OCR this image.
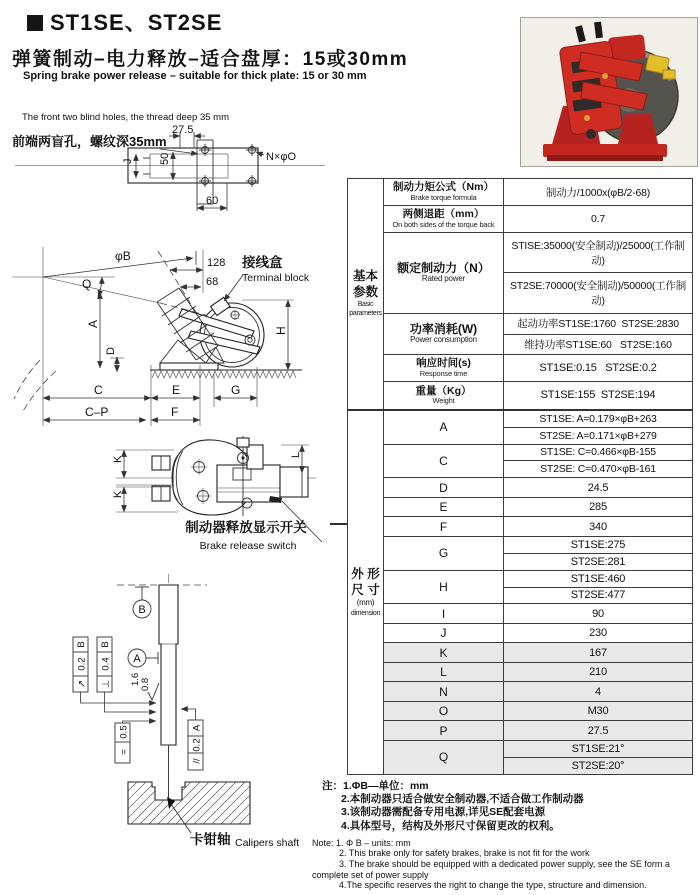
ST1SE、ST2SE
弹簧制动–电力释放–适合盘厚：15或30mm
Spring brake power release – suitable for thick plate: 15 or 30 mm
The front two blind holes, the thread deep 35 mm
前端两盲孔，螺纹深35mm
27.5
N×φO
J 50
60
φB
Q
128
68
接线盒
Terminal block
A
D
H
C	E	G
C–P	F
K
K
L
制动器释放显示开关
Brake release switch
B
A
B
0.2
↗
B
0.4
⊥ 1.6 0.8
0.5
=
A
0.2
//
卡钳轴 Calipers shaft
基本
参数
Basic
parameters

制动力矩公式（Nm）
Brake torque formula	制动力/1000x(φB/2-68)

	两侧退距（mm）
On both sides of the torque back	0.7

	额定制动力（N）
Rated power	STISE:35000(安全制动)/25000(工作制动)
		ST2SE:70000(安全制动)/50000(工作制动)

	功率消耗(W)
Power consumption	起动功率ST1SE:1760  ST2SE:2830
		维持功率ST1SE:60   ST2SE:160

	响应时间(s)
Response time	ST1SE:0.15   ST2SE:0.2

	重量（Kg）
Weight	ST1SE:155  ST2SE:194

外 形
尺 寸
(mm)
dimension	A	ST1SE: A=0.179×φB+263
		ST2SE: A=0.171×φB+279
	C	ST1SE: C=0.466×φB-155
		ST2SE: C=0.470×φB-161
	D	24.5
	E	285
	F	340
	G	ST1SE:275
		ST2SE:281
	H	ST1SE:460
		ST2SE:477
	I	90
	J	230
	K	167
	L	210
	N	4
	O	M30
	P	27.5
	Q	ST1SE:21°
		ST2SE:20°
注：1.ΦB—单位：mm
2.本制动器只适合做安全制动器,不适合做工作制动器
3.该制动器需配备专用电源,详见SE配套电源
4.具体型号，结构及外形尺寸保留更改的权利。
Note: 1. Φ B – units: mm
2. This brake only for safety brakes, brake is not fit for the work
3. The brake should be equipped with a dedicated power supply, see the SE form a
complete set of power supply
4.The specific reserves the right to change the type, structure and dimension.
